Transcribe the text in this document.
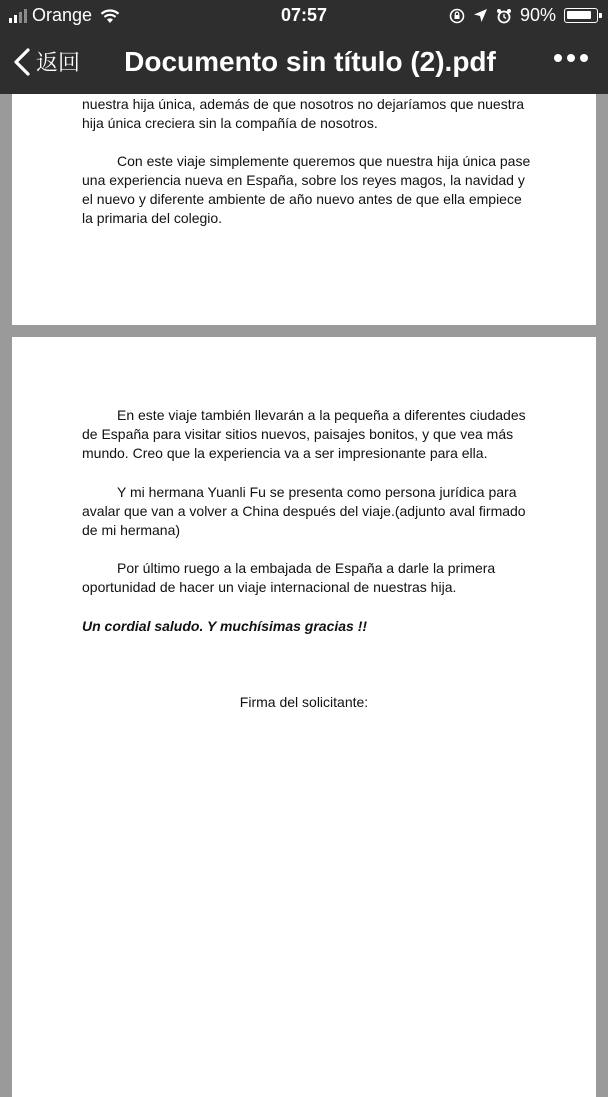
Orange	07:57	90%
返回	Documento sin título (2).pdf

nuestra hija única, además de que nosotros no dejaríamos que nuestra hija única creciera sin la compañía de nosotros.

Con este viaje simplemente queremos que nuestra hija única pase una experiencia nueva en España, sobre los reyes magos, la navidad y el nuevo y diferente ambiente de año nuevo antes de que ella empiece la primaria del colegio.

En este viaje también llevarán a la pequeña a diferentes ciudades de España para visitar sitios nuevos, paisajes bonitos, y que vea más mundo. Creo que la experiencia va a ser impresionante para ella.

Y mi hermana Yuanli Fu se presenta como persona jurídica para avalar que van a volver a China después del viaje.(adjunto aval firmado de mi hermana)

Por último ruego a la embajada de España a darle la primera oportunidad de hacer un viaje internacional de nuestras hija.

Un cordial saludo. Y muchísimas gracias !!

Firma del solicitante:
